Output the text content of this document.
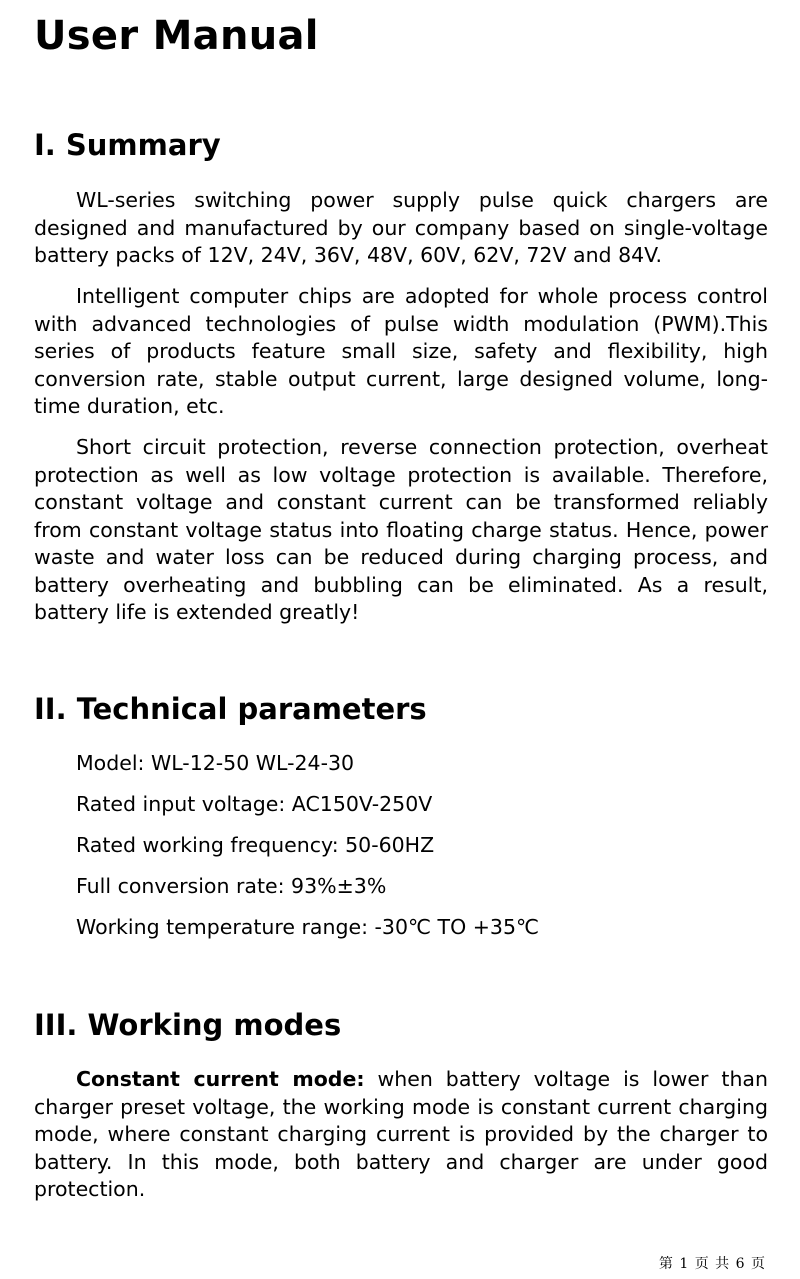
User Manual
I. Summary

WL-series switching power supply pulse quick chargers are designed and manufactured by our company based on single-voltage battery packs of 12V, 24V, 36V, 48V, 60V, 62V, 72V and 84V.

Intelligent computer chips are adopted for whole process control with advanced technologies of pulse width modulation (PWM).This series of products feature small size, safety and flexibility, high conversion rate, stable output current, large designed volume, long-time duration, etc.

Short circuit protection, reverse connection protection, overheat protection as well as low voltage protection is available. Therefore, constant voltage and constant current can be transformed reliably from constant voltage status into floating charge status. Hence, power waste and water loss can be reduced during charging process, and battery overheating and bubbling can be eliminated. As a result, battery life is extended greatly!

II. Technical parameters

Model: WL-12-50 WL-24-30

Rated input voltage: AC150V-250V

Rated working frequency: 50-60HZ

Full conversion rate: 93%±3%

Working temperature range: -30℃ TO +35℃

III. Working modes

Constant current mode: when battery voltage is lower than charger preset voltage, the working mode is constant current charging mode, where constant charging current is provided by the charger to battery. In this mode, both battery and charger are under good protection.

第 1 页 共 6 页
